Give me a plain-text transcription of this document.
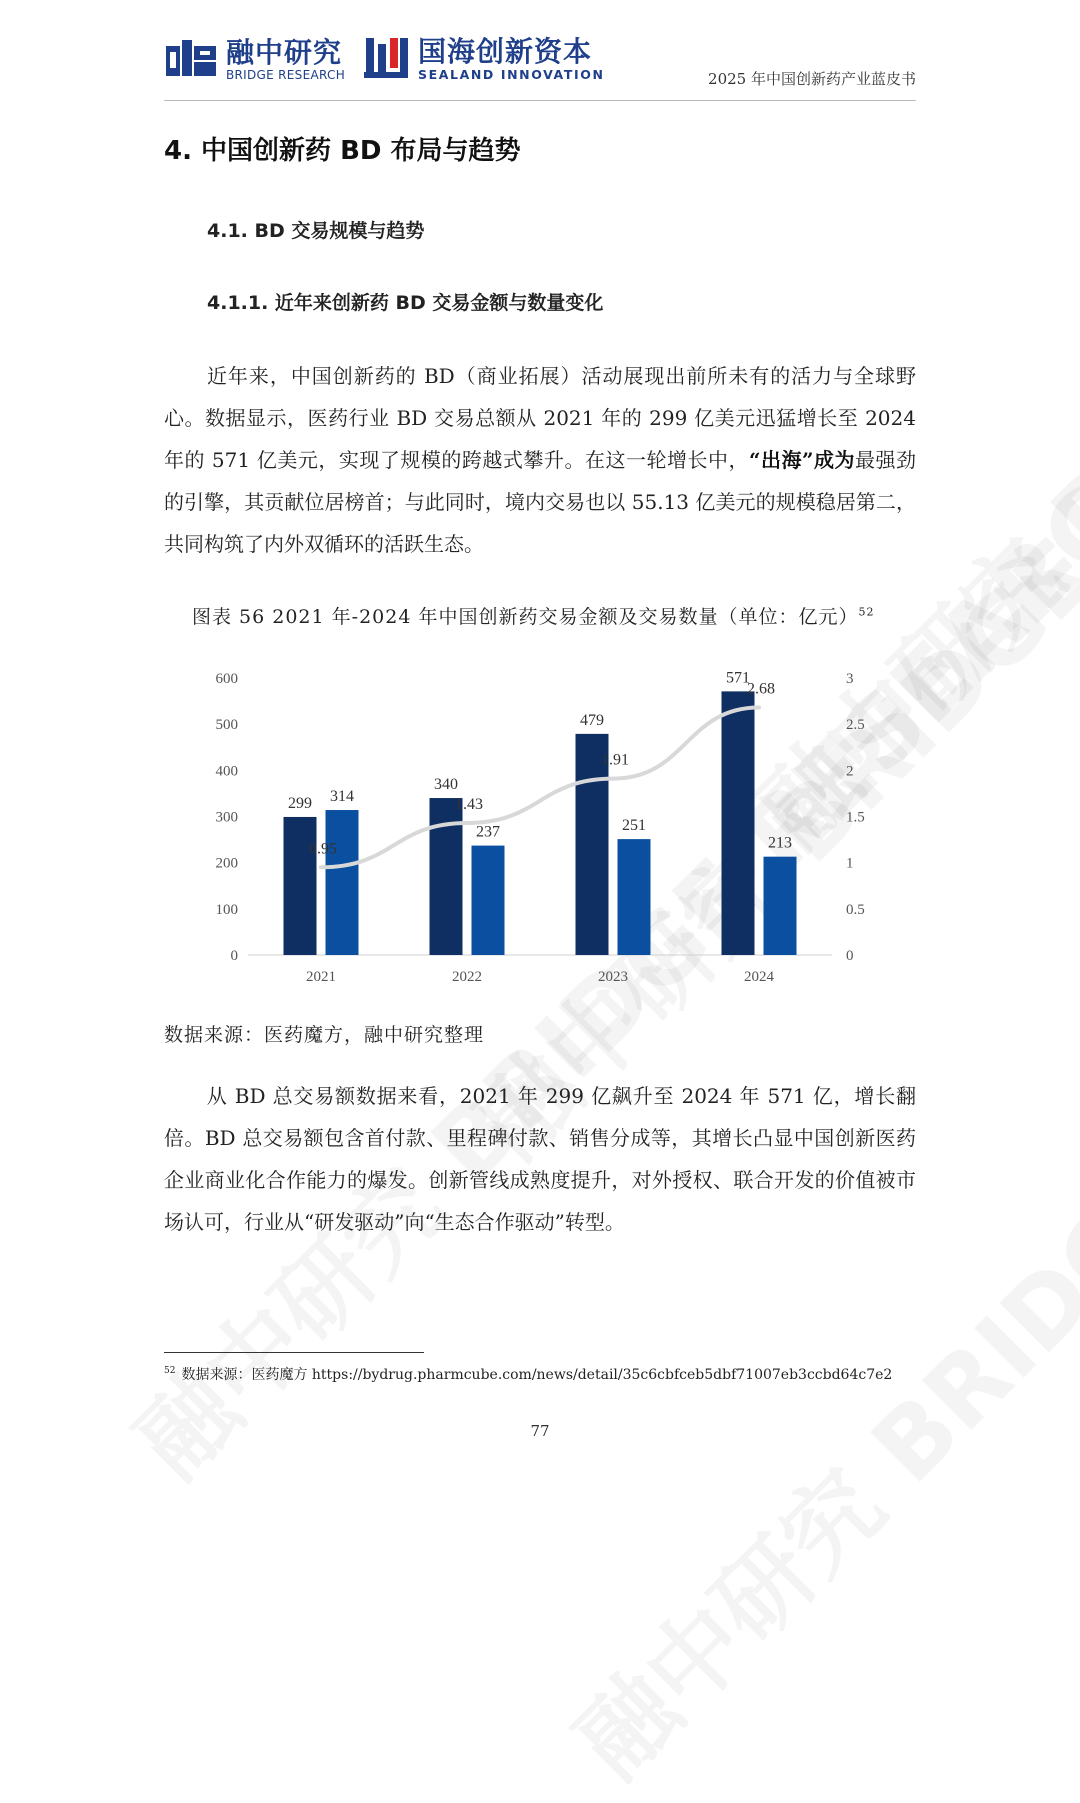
融中研究
BRIDGE RESEARCH
国海创新资本
SEALAND INNOVATION	2025 年中国创新药产业蓝皮书
4. 中国创新药 BD 布局与趋势
4.1. BD 交易规模与趋势
4.1.1. 近年来创新药 BD 交易金额与数量变化

近年来，中国创新药的 BD（商业拓展）活动展现出前所未有的活力与全球野心。数据显示，医药行业 BD 交易总额从 2021 年的 299 亿美元迅猛增长至 2024 年的 571 亿美元，实现了规模的跨越式攀升。在这一轮增长中，“出海”成为最强劲的引擎，其贡献位居榜首；与此同时，境内交易也以 55.13 亿美元的规模稳居第二，共同构筑了内外双循环的活跃生态。

图表 56 2021 年-2024 年中国创新药交易金额及交易数量（单位：亿元）$^{52}$
0
100
200
300
400
500
600
0
0.5
1
1.5
2
2.5
3
299 314
2021
340
237
2022
479
251
2023
571
213
2024
0.95
1.43
1.91
2.68
数据来源：医药魔方，融中研究整理

从 BD 总交易额数据来看，2021 年 299 亿飙升至 2024 年 571 亿，增长翻倍。BD 总交易额包含首付款、里程碑付款、销售分成等，其增长凸显中国创新医药企业商业化合作能力的爆发。创新管线成熟度提升，对外授权、联合开发的价值被市场认可，行业从“研发驱动”向“生态合作驱动”转型。

$^{52}$ 数据来源：医药魔方 https://bydrug.pharmcube.com/news/detail/35c6cbfceb5dbf71007eb3ccbd64c7e2
77
